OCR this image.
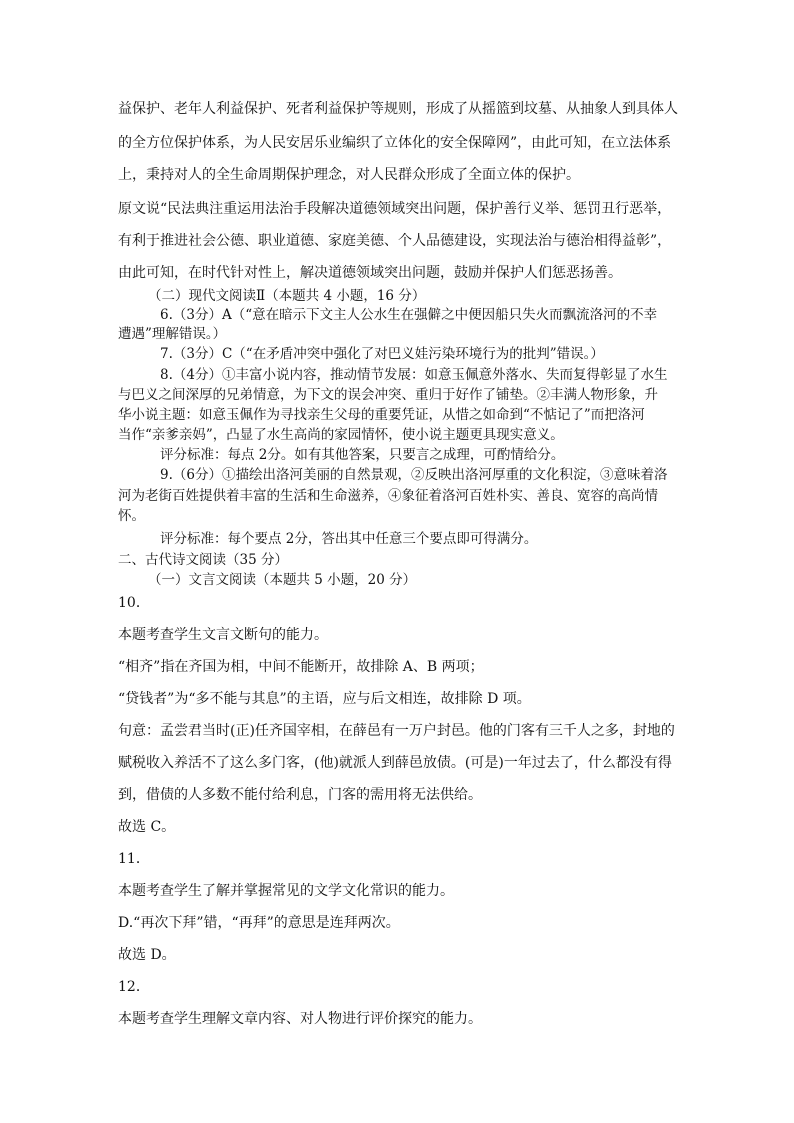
益保护、老年人利益保护、死者利益保护等规则，形成了从摇篮到坟墓、从抽象人到具体人
的全方位保护体系，为人民安居乐业编织了立体化的安全保障网”，由此可知，在立法体系
上，秉持对人的全生命周期保护理念，对人民群众形成了全面立体的保护。
原文说“民法典注重运用法治手段解决道德领域突出问题，保护善行义举、惩罚丑行恶举，
有利于推进社会公德、职业道德、家庭美德、个人品德建设，实现法治与德治相得益彰”，
由此可知，在时代针对性上，解决道德领域突出问题，鼓励并保护人们惩恶扬善。
（二）现代文阅读Ⅱ（本题共 4 小题，16 分）
6.（3分）A（“意在暗示下文主人公水生在强僻之中便因船只失火而飘流洛河的不幸
遭遇”理解错误。）
7.（3分）C（“在矛盾冲突中强化了对巴义娃污染环境行为的批判”错误。）
8.（4分）①丰富小说内容，推动情节发展：如意玉佩意外落水、失而复得彰显了水生
与巴义之间深厚的兄弟情意，为下文的误会冲突、重归于好作了铺垫。②丰满人物形象，升
华小说主题：如意玉佩作为寻找亲生父母的重要凭证，从惜之如命到“不惦记了”而把洛河
当作“亲爹亲妈”，凸显了水生高尚的家园情怀，使小说主题更具现实意义。
评分标准：每点 2分。如有其他答案，只要言之成理，可酌情给分。
9.（6分）①描绘出洛河美丽的自然景观，②反映出洛河厚重的文化积淀，③意味着洛
河为老街百姓提供着丰富的生活和生命滋养，④象征着洛河百姓朴实、善良、宽容的高尚情
怀。
评分标准：每个要点 2分，答出其中任意三个要点即可得满分。
二、古代诗文阅读（35 分）
（一）文言文阅读（本题共 5 小题，20 分）
10．
本题考查学生文言文断句的能力。
“相齐”指在齐国为相，中间不能断开，故排除 A、B 两项；
“贷钱者”为“多不能与其息”的主语，应与后文相连，故排除 D 项。
句意：孟尝君当时(正)任齐国宰相，在薛邑有一万户封邑。他的门客有三千人之多，封地的
赋税收入养活不了这么多门客，(他)就派人到薛邑放债。(可是)一年过去了，什么都没有得
到，借债的人多数不能付给利息，门客的需用将无法供给。
故选 C。
11．
本题考查学生了解并掌握常见的文学文化常识的能力。
D.“再次下拜”错，“再拜”的意思是连拜两次。
故选 D。
12．
本题考查学生理解文章内容、对人物进行评价探究的能力。
